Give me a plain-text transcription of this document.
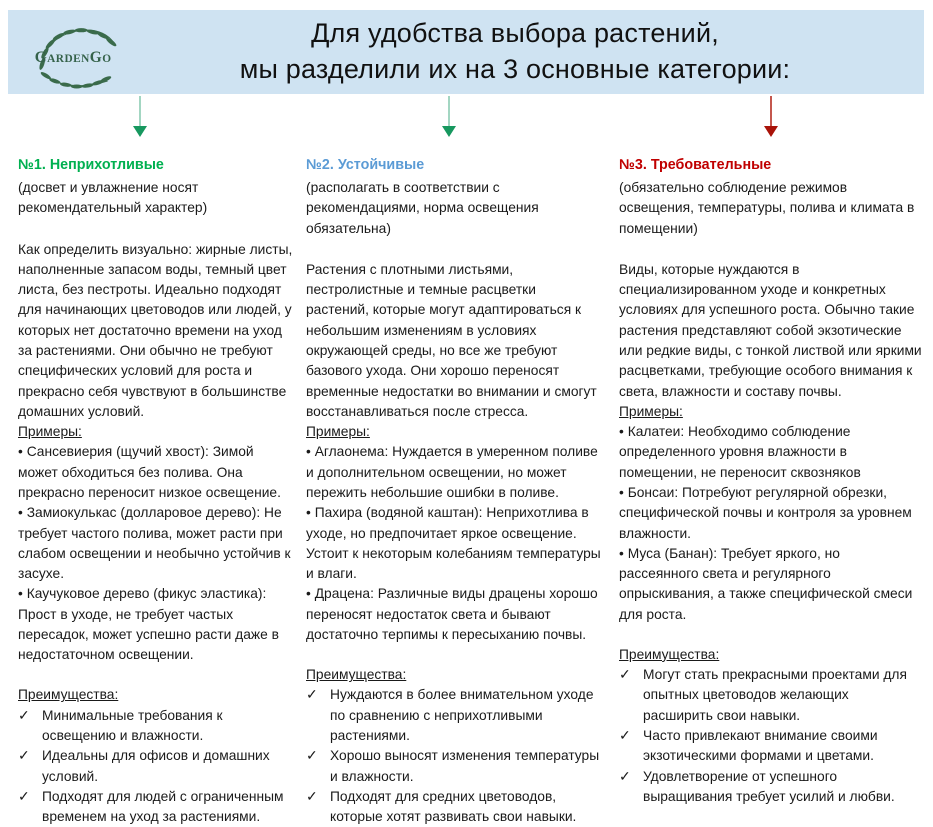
GARDENGO
Для удобства выбора растений,
мы разделили их на 3 основные категории:
№1. Неприхотливые

(досвет и увлажнение носят рекомендательный характер)

Как определить визуально: жирные листы, наполненные запасом воды, темный цвет листа, без пестроты. Идеально подходят для начинающих цветоводов или людей, у которых нет достаточно времени на уход за растениями. Они обычно не требуют специфических условий для роста и прекрасно себя чувствуют в большинстве домашних условий.

Примеры:
• Сансевиерия (щучий хвост): Зимой может обходиться без полива. Она прекрасно переносит низкое освещение.
• Замиокулькас (долларовое дерево): Не требует частого полива, может расти при слабом освещении и необычно устойчив к засухе.
• Каучуковое дерево (фикус эластика): Прост в уходе, не требует частых пересадок, может успешно расти даже в недостаточном освещении.
Преимущества:
✓ Минимальные требования к освещению и влажности.
✓ Идеальны для офисов и домашних условий.
✓ Подходят для людей с ограниченным временем на уход за растениями.
№2. Устойчивые

(располагать в соответствии с рекомендациями, норма освещения обязательна)

Растения с плотными листьями, пестролистные и темные расцветки растений, которые могут адаптироваться к небольшим изменениям в условиях окружающей среды, но все же требуют базового ухода. Они хорошо переносят временные недостатки во внимании и смогут восстанавливаться после стресса.

Примеры:
• Аглаонема: Нуждается в умеренном поливе и дополнительном освещении, но может пережить небольшие ошибки в поливе.
• Пахира (водяной каштан): Неприхотлива в уходе, но предпочитает яркое освещение. Устоит к некоторым колебаниям температуры и влаги.
• Драцена: Различные виды драцены хорошо переносят недостаток света и бывают достаточно терпимы к пересыханию почвы.
Преимущества:
✓ Нуждаются в более внимательном уходе по сравнению с неприхотливыми растениями.
✓ Хорошо выносят изменения температуры и влажности.
✓ Подходят для средних цветоводов, которые хотят развивать свои навыки.
№3. Требовательные

(обязательно соблюдение режимов освещения, температуры, полива и климата в помещении)

Виды, которые нуждаются в специализированном уходе и конкретных условиях для успешного роста. Обычно такие растения представляют собой экзотические или редкие виды, с тонкой листвой или яркими расцветками, требующие особого внимания к света, влажности и составу почвы.

Примеры:
• Калатеи: Необходимо соблюдение определенного уровня влажности в помещении, не переносит сквозняков
• Бонсаи: Потребуют регулярной обрезки, специфической почвы и контроля за уровнем влажности.
• Муса (Банан): Требует яркого, но рассеянного света и регулярного опрыскивания, а также специфической смеси для роста.
Преимущества:
✓ Могут стать прекрасными проектами для опытных цветоводов желающих расширить свои навыки.
✓ Часто привлекают внимание своими экзотическими формами и цветами.
✓ Удовлетворение от успешного выращивания требует усилий и любви.
